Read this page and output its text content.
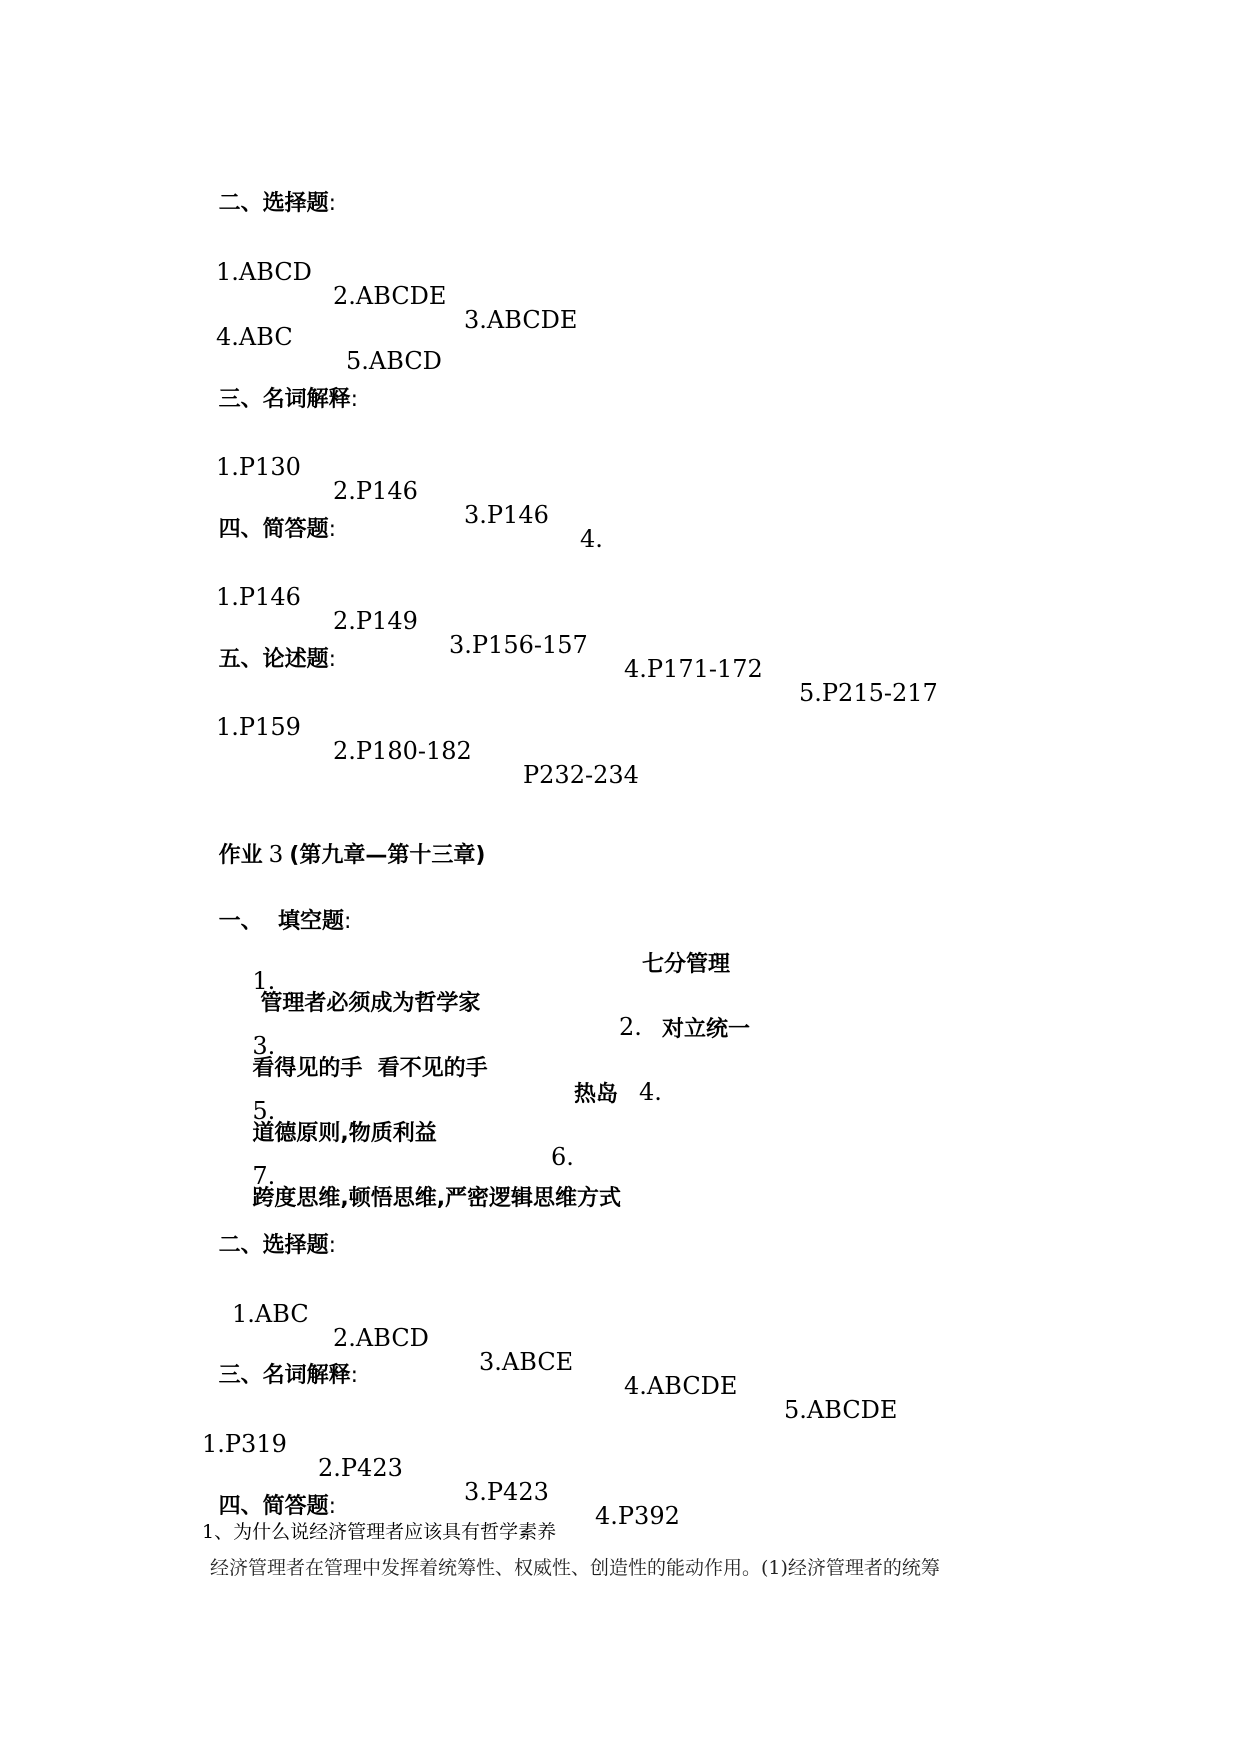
二、选择题:

1.ABCD

2.ABCDE

3.ABCDE

4.ABC

5.ABCD

三、名词解释:

1.P130

2.P146

3.P146

4.

四、简答题:

1.P146

2.P149

3.P156-157

4.P171-172

5.P215-217

五、论述题:

1.P159

2.P180-182

P232-234

作业 3 (第九章—第十三章)

一、  填空题:

1.
管理者必须成为哲学家

2.

七分管理

3.
看得见的手  看不见的手

4.

对立统一

5.
道德原则,物质利益

6.

热岛

7.
跨度思维,顿悟思维,严密逻辑思维方式

二、选择题:

1.ABC

2.ABCD

3.ABCE

4.ABCDE

5.ABCDE

三、名词解释:

1.P319

2.P423

3.P423

4.P392

四、简答题:

1、为什么说经济管理者应该具有哲学素养
经济管理者在管理中发挥着统筹性、权威性、创造性的能动作用。(1)经济管理者的统筹
